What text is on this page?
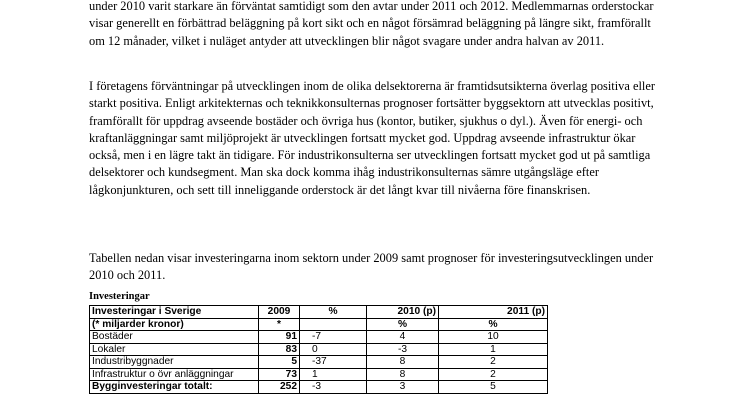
under 2010 varit starkare än förväntat samtidigt som den avtar under 2011 och 2012. Medlemmarnas orderstockar visar generellt en förbättrad beläggning på kort sikt och en något försämrad beläggning på längre sikt, framförallt om 12 månader, vilket i nuläget antyder att utvecklingen blir något svagare under andra halvan av 2011.

I företagens förväntningar på utvecklingen inom de olika delsektorerna är framtidsutsikterna överlag positiva eller starkt positiva. Enligt arkitekternas och teknikkonsulternas prognoser fortsätter byggsektorn att utvecklas positivt, framförallt för uppdrag avseende bostäder och övriga hus (kontor, butiker, sjukhus o dyl.). Även för energi- och kraftanläggningar samt miljöprojekt är utvecklingen fortsatt mycket god. Uppdrag avseende infrastruktur ökar också, men i en lägre takt än tidigare. För industrikonsulterna ser utvecklingen fortsatt mycket god ut på samtliga delsektorer och kundsegment. Man ska dock komma ihåg industrikonsulternas sämre utgångsläge efter lågkonjunkturen, och sett till inneliggande orderstock är det långt kvar till nivåerna före finanskrisen.

Tabellen nedan visar investeringarna inom sektorn under 2009 samt prognoser för investeringsutvecklingen under 2010 och 2011.

Investeringar
Investeringar i Sverige	2009	%	2010 (p)	2011 (p)
(* miljarder kronor)	*		%	%
Bostäder	91	-7	4	10
Lokaler	83	0	-3	1
Industribyggnader	5	-37	8	2
Infrastruktur o övr anläggningar	73	1	8	2
Bygginvesteringar totalt:	252	-3	3	5
